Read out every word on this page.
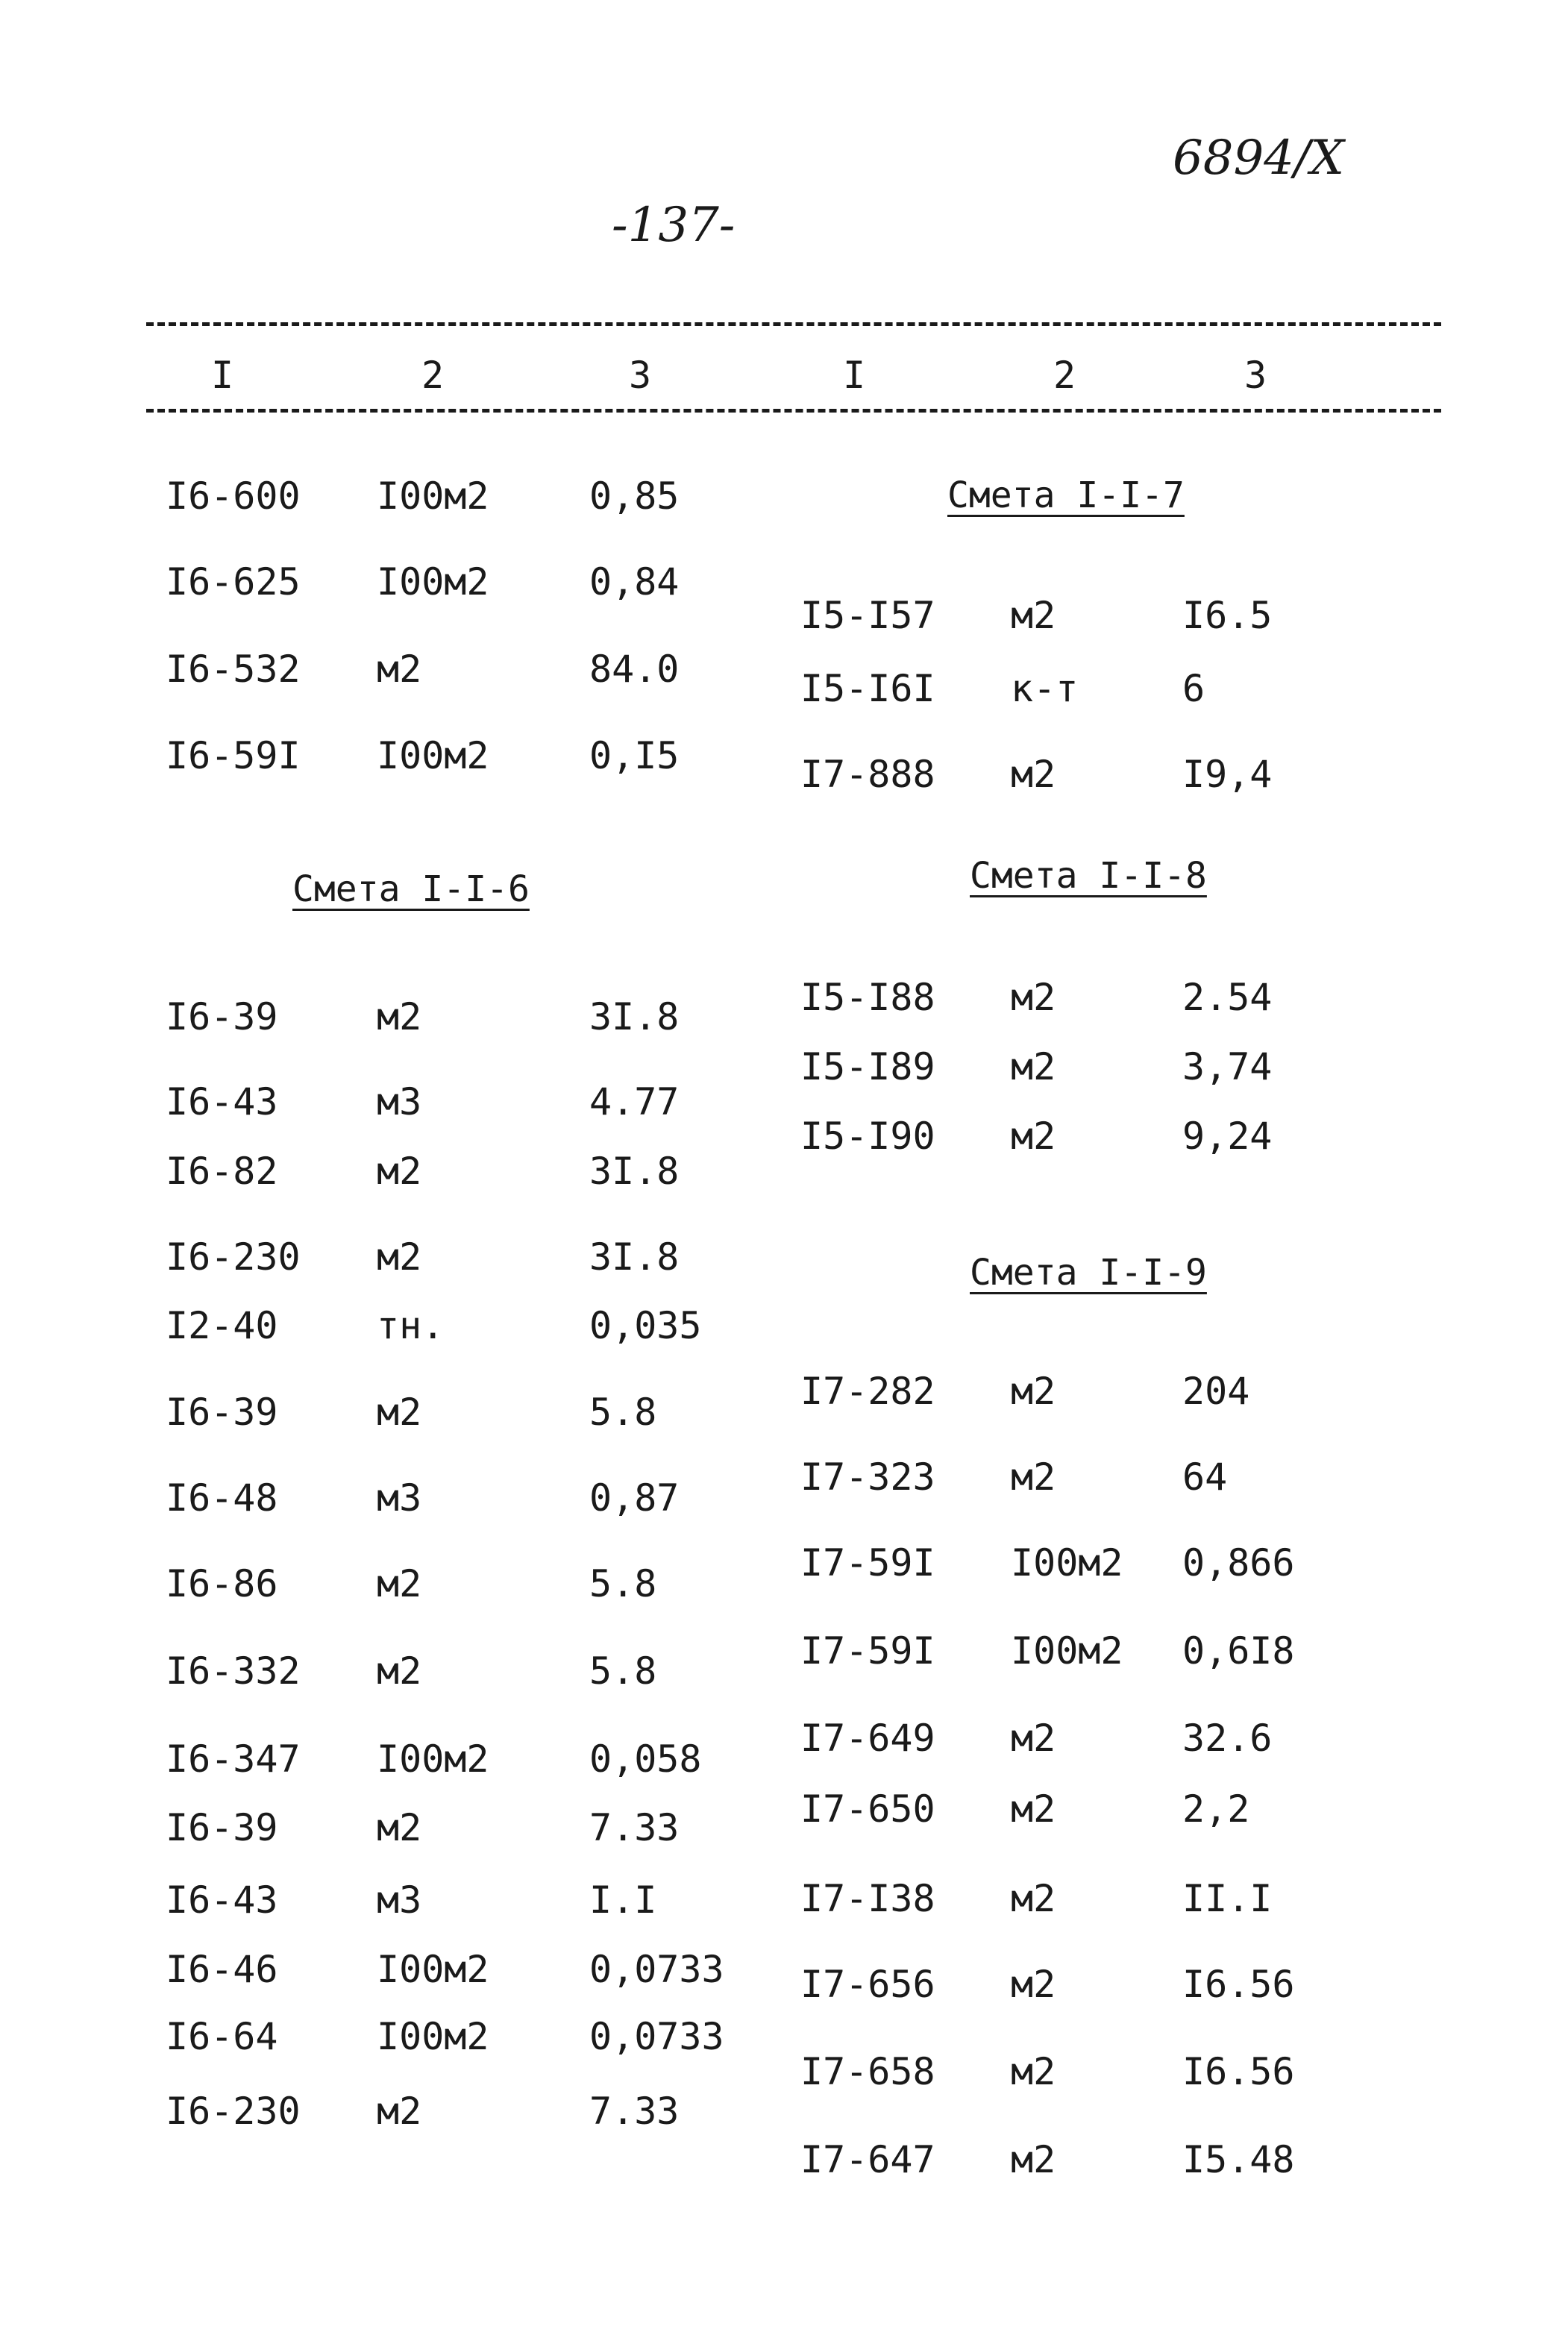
6894/X
-137-
I	2	3	I	2	3
I6-600 I00м2	0,85
I6-625 I00м2	0,84
I6-532 м2	84.0
I6-59I I00м2	0,I5
Смета I-I-6
I6-39	м2	3I.8
I6-43	м3	4.77
I6-82	м2	3I.8
I6-230 м2	3I.8
I2-40	тн.	0,035
I6-39	м2	5.8
I6-48	м3	0,87
I6-86	м2	5.8
I6-332 м2	5.8
I6-347 I00м2	0,058
I6-39	м2	7.33
I6-43	м3	I.I
I6-46	I00м2	0,0733
I6-64	I00м2	0,0733
I6-230 м2	7.33
Смета I-I-7
I5-I57 м2	I6.5
I5-I6I к-т	6
I7-888 м2	I9,4
Смета I-I-8
I5-I88 м2	2.54
I5-I89 м2	3,74
I5-I90 м2	9,24
Смета I-I-9
I7-282 м2	204
I7-323 м2	64
I7-59I I00м2 0,866
I7-59I I00м2 0,6I8
I7-649 м2	32.6
I7-650 м2	2,2
I7-I38 м2	II.I
I7-656 м2	I6.56
I7-658 м2	I6.56
I7-647 м2	I5.48
